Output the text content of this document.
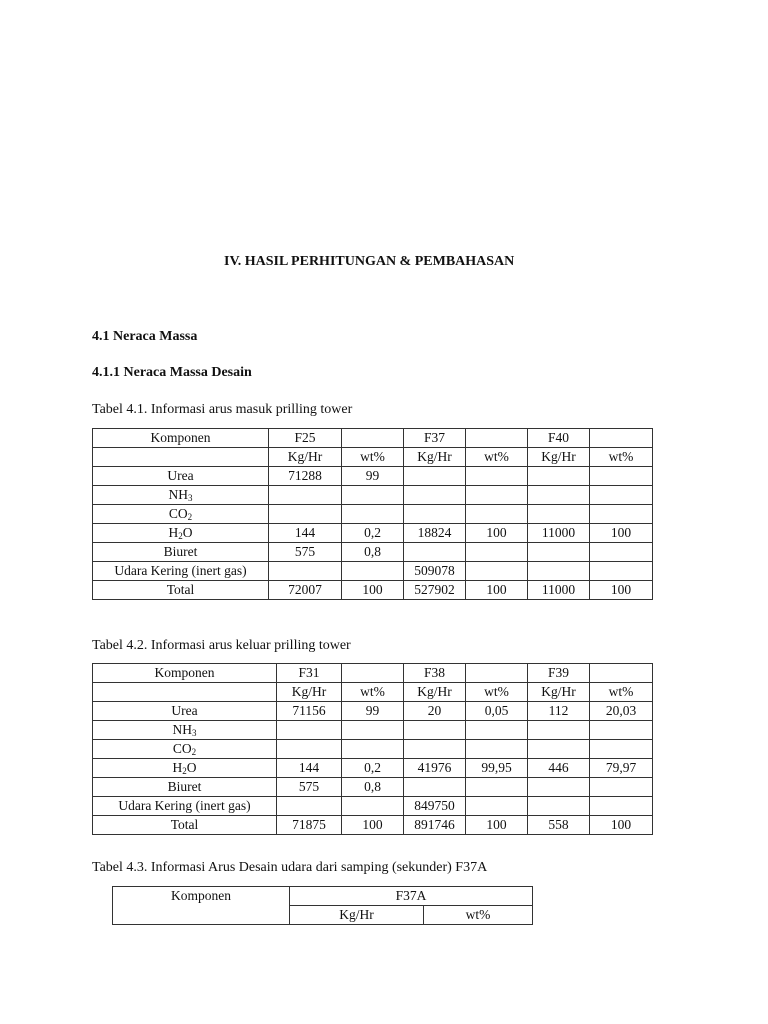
IV. HASIL PERHITUNGAN & PEMBAHASAN
4.1 Neraca Massa
4.1.1 Neraca Massa Desain
Tabel 4.1. Informasi arus masuk prilling tower
Komponen	F25		F37		F40	
	Kg/Hr	wt%	Kg/Hr	wt%	Kg/Hr	wt%
Urea	71288	99				
$NH_3$						
$CO_2$						
$H_2O$	144	0,2	18824	100	11000	100
Biuret	575	0,8				
Udara Kering (inert gas)			509078			
Total	72007	100	527902	100	11000	100
Tabel 4.2. Informasi arus keluar prilling tower
Komponen	F31		F38		F39	
	Kg/Hr	wt%	Kg/Hr	wt%	Kg/Hr	wt%
Urea	71156	99	20	0,05	112	20,03
$NH_3$						
$CO_2$						
$H_2O$	144	0,2	41976	99,95	446	79,97
Biuret	575	0,8				
Udara Kering (inert gas)			849750			
Total	71875	100	891746	100	558	100
Tabel 4.3. Informasi Arus Desain udara dari samping (sekunder) F37A
Komponen	F37A	
	Kg/Hr	wt%
